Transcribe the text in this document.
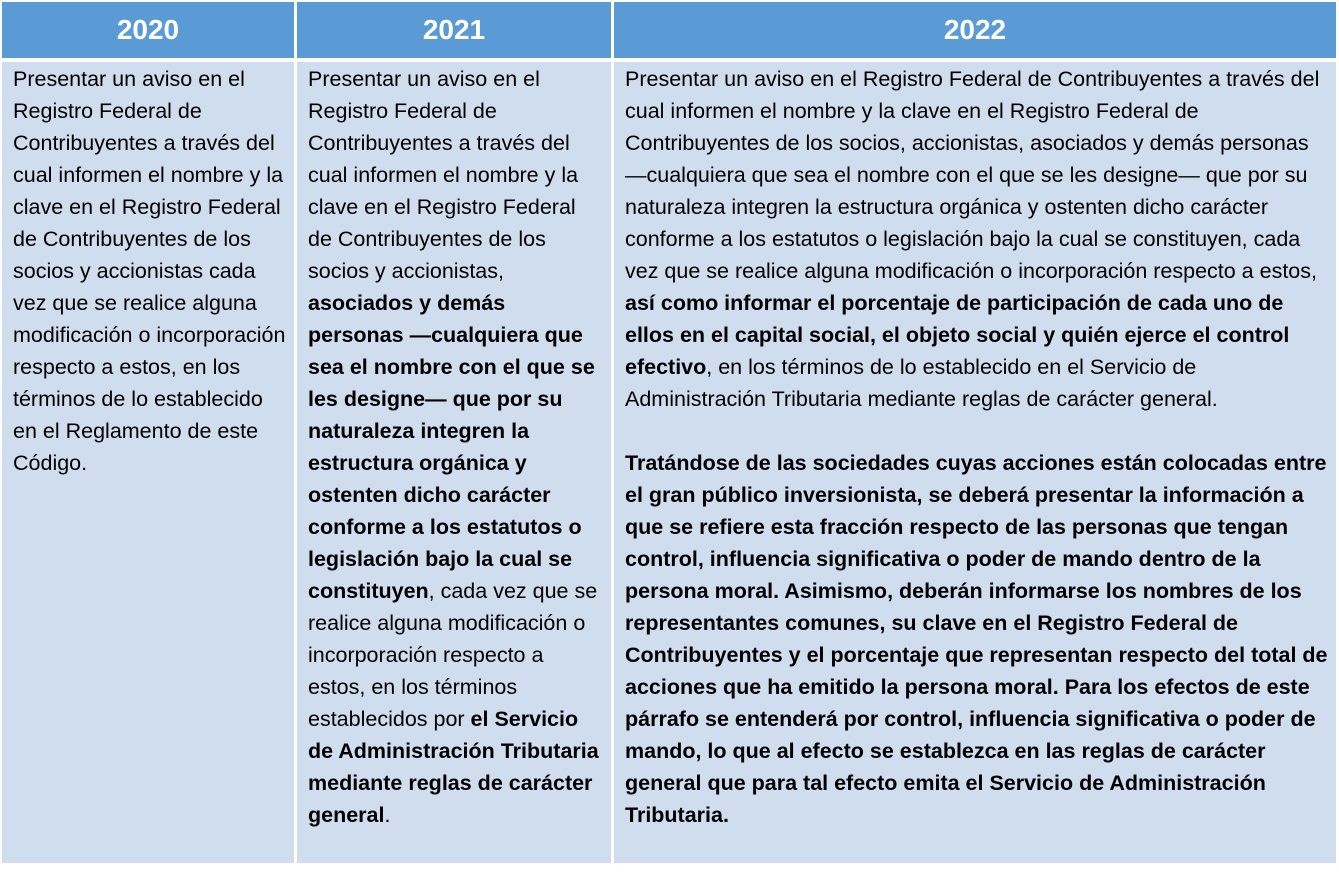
2020	2021	2022

Presentar un aviso en el Registro Federal de Contribuyentes a través del cual informen el nombre y la clave en el Registro Federal de Contribuyentes de los socios y accionistas cada vez que se realice alguna modificación o incorporación respecto a estos, en los términos de lo establecido en el Reglamento de este Código.

Presentar un aviso en el Registro Federal de Contribuyentes a través del cual informen el nombre y la clave en el Registro Federal de Contribuyentes de los socios y accionistas, asociados y demás personas —cualquiera que sea el nombre con el que se les designe— que por su naturaleza integren la estructura orgánica y ostenten dicho carácter conforme a los estatutos o legislación bajo la cual se constituyen, cada vez que se realice alguna modificación o incorporación respecto a estos, en los términos establecidos por el Servicio de Administración Tributaria mediante reglas de carácter general.

Presentar un aviso en el Registro Federal de Contribuyentes a través del cual informen el nombre y la clave en el Registro Federal de Contribuyentes de los socios, accionistas, asociados y demás personas —cualquiera que sea el nombre con el que se les designe— que por su naturaleza integren la estructura orgánica y ostenten dicho carácter conforme a los estatutos o legislación bajo la cual se constituyen, cada vez que se realice alguna modificación o incorporación respecto a estos, así como informar el porcentaje de participación de cada uno de ellos en el capital social, el objeto social y quién ejerce el control efectivo, en los términos de lo establecido en el Servicio de Administración Tributaria mediante reglas de carácter general.

Tratándose de las sociedades cuyas acciones están colocadas entre el gran público inversionista, se deberá presentar la información a que se refiere esta fracción respecto de las personas que tengan control, influencia significativa o poder de mando dentro de la persona moral. Asimismo, deberán informarse los nombres de los representantes comunes, su clave en el Registro Federal de Contribuyentes y el porcentaje que representan respecto del total de acciones que ha emitido la persona moral. Para los efectos de este párrafo se entenderá por control, influencia significativa o poder de mando, lo que al efecto se establezca en las reglas de carácter general que para tal efecto emita el Servicio de Administración Tributaria.
